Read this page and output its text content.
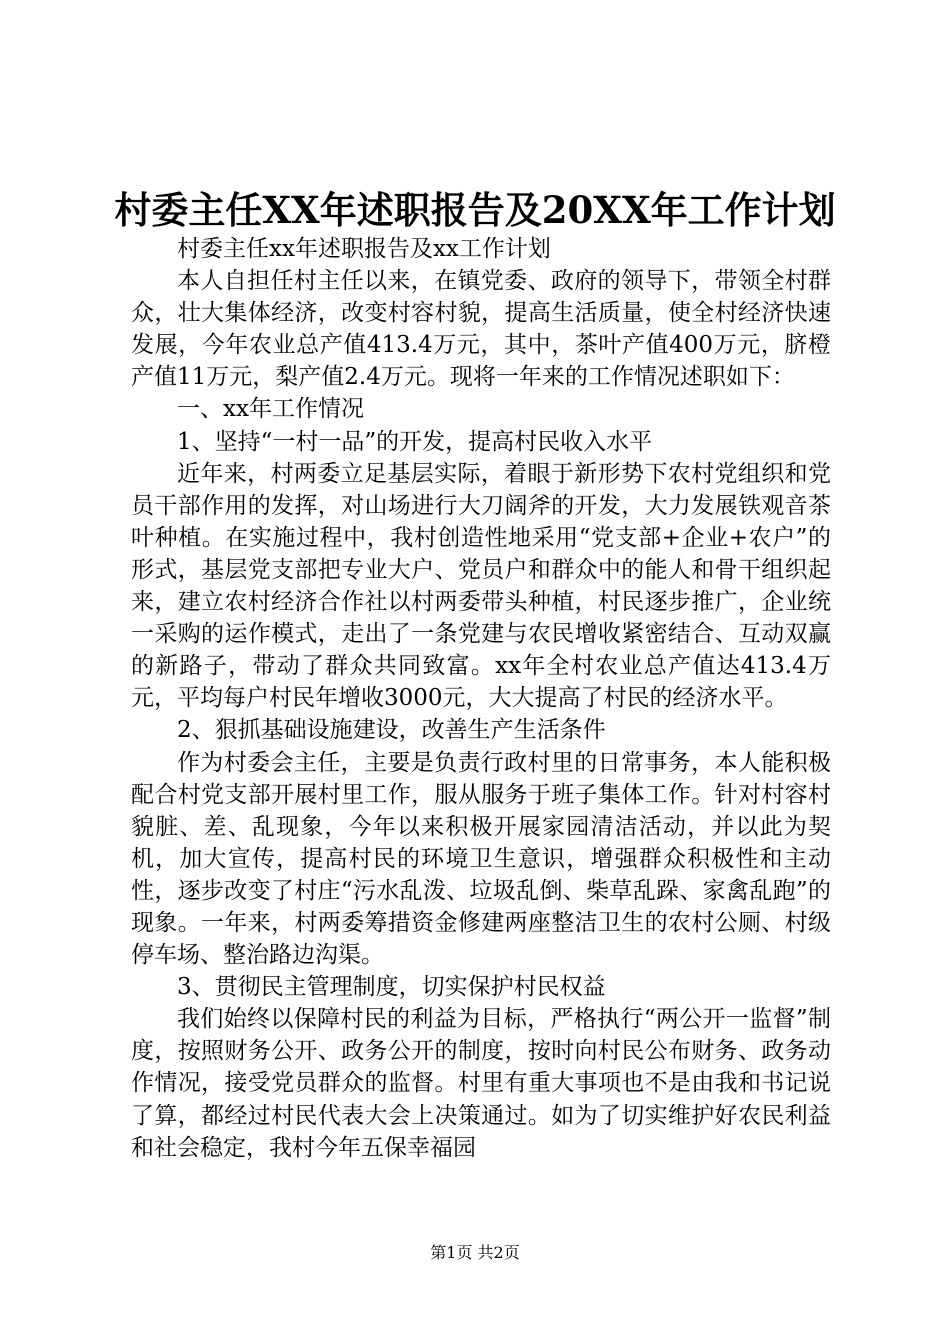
村委主任XX年述职报告及20XX年工作计划

村委主任xx年述职报告及xx工作计划

本人自担任村主任以来，在镇党委、政府的领导下，带领全村群众，壮大集体经济，改变村容村貌，提高生活质量，使全村经济快速发展，今年农业总产值413.4万元，其中，茶叶产值400万元，脐橙产值11万元，梨产值2.4万元。现将一年来的工作情况述职如下：

一、xx年工作情况

1、坚持“一村一品”的开发，提高村民收入水平

近年来，村两委立足基层实际，着眼于新形势下农村党组织和党员干部作用的发挥，对山场进行大刀阔斧的开发，大力发展铁观音茶叶种植。在实施过程中，我村创造性地采用“党支部+企业+农户”的形式，基层党支部把专业大户、党员户和群众中的能人和骨干组织起来，建立农村经济合作社以村两委带头种植，村民逐步推广，企业统一采购的运作模式，走出了一条党建与农民增收紧密结合、互动双赢的新路子，带动了群众共同致富。xx年全村农业总产值达413.4万元，平均每户村民年增收3000元，大大提高了村民的经济水平。

2、狠抓基础设施建设，改善生产生活条件

作为村委会主任，主要是负责行政村里的日常事务，本人能积极配合村党支部开展村里工作，服从服务于班子集体工作。针对村容村貌脏、差、乱现象，今年以来积极开展家园清洁活动，并以此为契机，加大宣传，提高村民的环境卫生意识，增强群众积极性和主动性，逐步改变了村庄“污水乱泼、垃圾乱倒、柴草乱跺、家禽乱跑”的现象。一年来，村两委筹措资金修建两座整洁卫生的农村公厕、村级停车场、整治路边沟渠。

3、贯彻民主管理制度，切实保护村民权益

我们始终以保障村民的利益为目标，严格执行“两公开一监督”制度，按照财务公开、政务公开的制度，按时向村民公布财务、政务动作情况，接受党员群众的监督。村里有重大事项也不是由我和书记说了算，都经过村民代表大会上决策通过。如为了切实维护好农民利益和社会稳定，我村今年五保幸福园

第1页 共2页
